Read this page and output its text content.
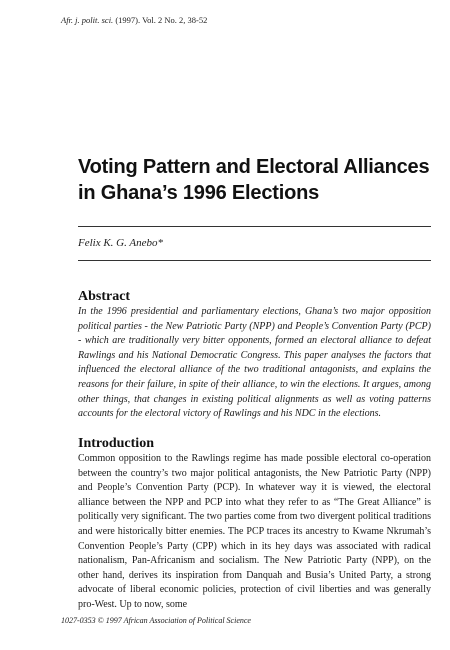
Afr. j. polit. sci. (1997). Vol. 2 No. 2, 38-52
Voting Pattern and Electoral Alliances in Ghana’s 1996 Elections
Felix K. G. Anebo*
Abstract

In the 1996 presidential and parliamentary elections, Ghana’s two major opposition political parties - the New Patriotic Party (NPP) and People’s Convention Party (PCP) - which are traditionally very bitter opponents, formed an electoral alliance to defeat Rawlings and his National Democratic Congress. This paper analyses the factors that influenced the electoral alliance of the two traditional antagonists, and explains the reasons for their failure, in spite of their alliance, to win the elections. It argues, among other things, that changes in existing political alignments as well as voting patterns accounts for the electoral victory of Rawlings and his NDC in the elections.

Introduction

Common opposition to the Rawlings regime has made possible electoral co-operation between the country’s two major political antagonists, the New Patriotic Party (NPP) and People’s Convention Party (PCP). In whatever way it is viewed, the electoral alliance between the NPP and PCP into what they refer to as “The Great Alliance” is politically very significant. The two parties come from two divergent political traditions and were historically bitter enemies. The PCP traces its ancestry to Kwame Nkrumah’s Convention People’s Party (CPP) which in its hey days was associated with radical nationalism, Pan-Africanism and socialism. The New Patriotic Party (NPP), on the other hand, derives its inspiration from Danquah and Busia’s United Party, a strong advocate of liberal economic policies, protection of civil liberties and was generally pro-West. Up to now, some

1027-0353 © 1997 African Association of Political Science
